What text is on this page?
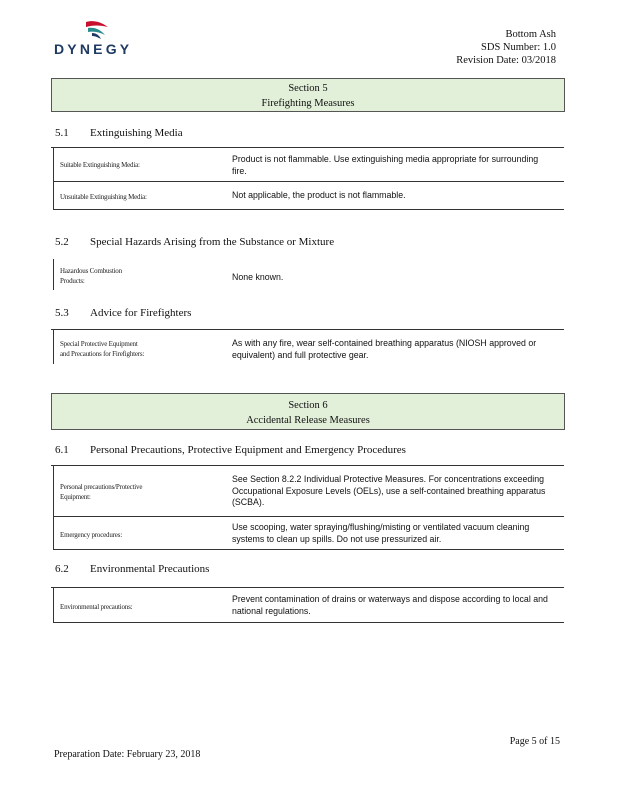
DYNEGY
Bottom Ash
SDS Number: 1.0
Revision Date: 03/2018
Section 5
Firefighting Measures
5.1 Extinguishing Media
Suitable Extinguishing Media:
Product is not flammable. Use extinguishing media appropriate for surrounding fire.
Unsuitable Extinguishing Media:	Not applicable, the product is not flammable.
5.2 Special Hazards Arising from the Substance or Mixture
Hazardous Combustion
Products:	None known.
5.3 Advice for Firefighters
Special Protective Equipment
and Precautions for Firefighters:
As with any fire, wear self-contained breathing apparatus (NIOSH approved or equivalent) and full protective gear.
Section 6
Accidental Release Measures
6.1 Personal Precautions, Protective Equipment and Emergency Procedures
Personal precautions/Protective
Equipment:
See Section 8.2.2 Individual Protective Measures. For concentrations exceeding Occupational Exposure Levels (OELs), use a self-contained breathing apparatus (SCBA).
Emergency procedures:
Use scooping, water spraying/flushing/misting or ventilated vacuum cleaning systems to clean up spills. Do not use pressurized air.
6.2 Environmental Precautions
Environmental precautions:
Prevent contamination of drains or waterways and dispose according to local and national regulations.
Page 5 of 15
Preparation Date: February 23, 2018
